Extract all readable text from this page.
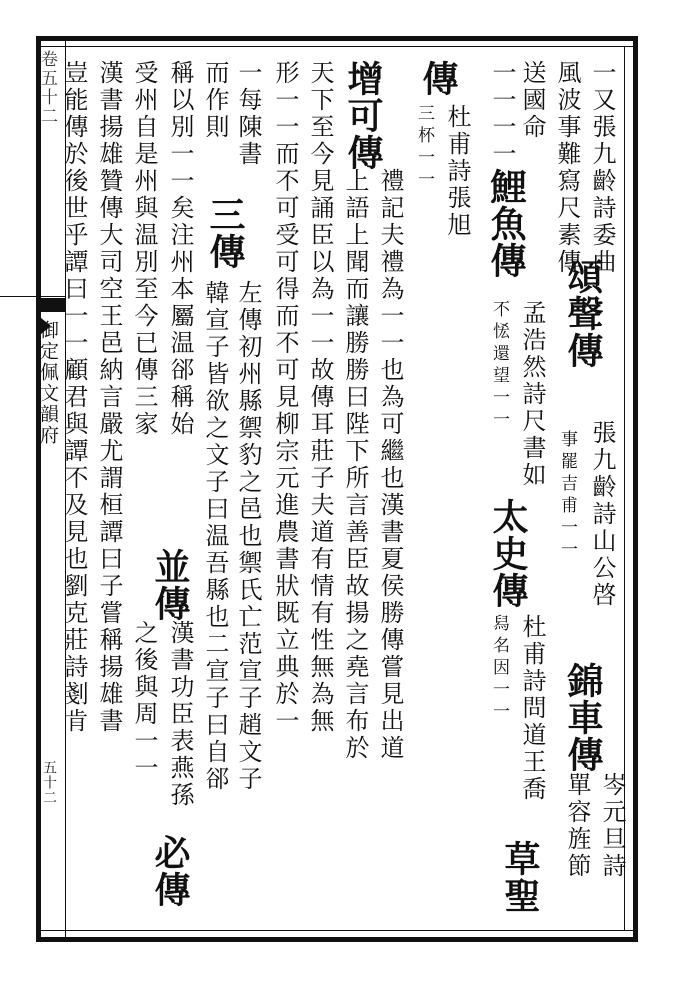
卷五十二
御定佩文韻府
五十二
一又張九齡詩委曲
風波事難寫尺素傳
頌聲傳
張九齡詩山公啓
事罷吉甫一一
送國命
一一一一
鯉魚傳
孟浩然詩尺書如
不恡還望一一
太史傳
杜甫詩問道王喬
舄名因一一 錦車傳
岑元旦詩
單容旌節
草聖
傳
杜甫詩張旭
三杯一一
增可傳
禮記夫禮為一一也為可繼也漢書夏侯勝傳嘗見出道
上語上聞而讓勝勝曰陛下所言善臣故揚之堯言布於
天下至今見誦臣以為一一故傳耳莊子夫道有情有性無為無
形一一而不可受可得而不可見柳宗元進農書狀既立典於一
一每陳書
三傳
左傳初州縣禦豹之邑也禦氏亡范宣子趙文子
而作則
韓宣子皆欲之文子曰温吾縣也二宣子曰自郤
稱以別一一矣注州本屬温郤稱始
並傳
漢書功臣表燕孫
受州自是州與温別至今已傳三家
之後與周一一
必傳
漢書揚雄贊傳大司空王邑納言嚴尤謂桓譚曰子嘗稱揚雄書
豈能傳於後世乎譚曰一一顧君與譚不及見也劉克莊詩剗肯
